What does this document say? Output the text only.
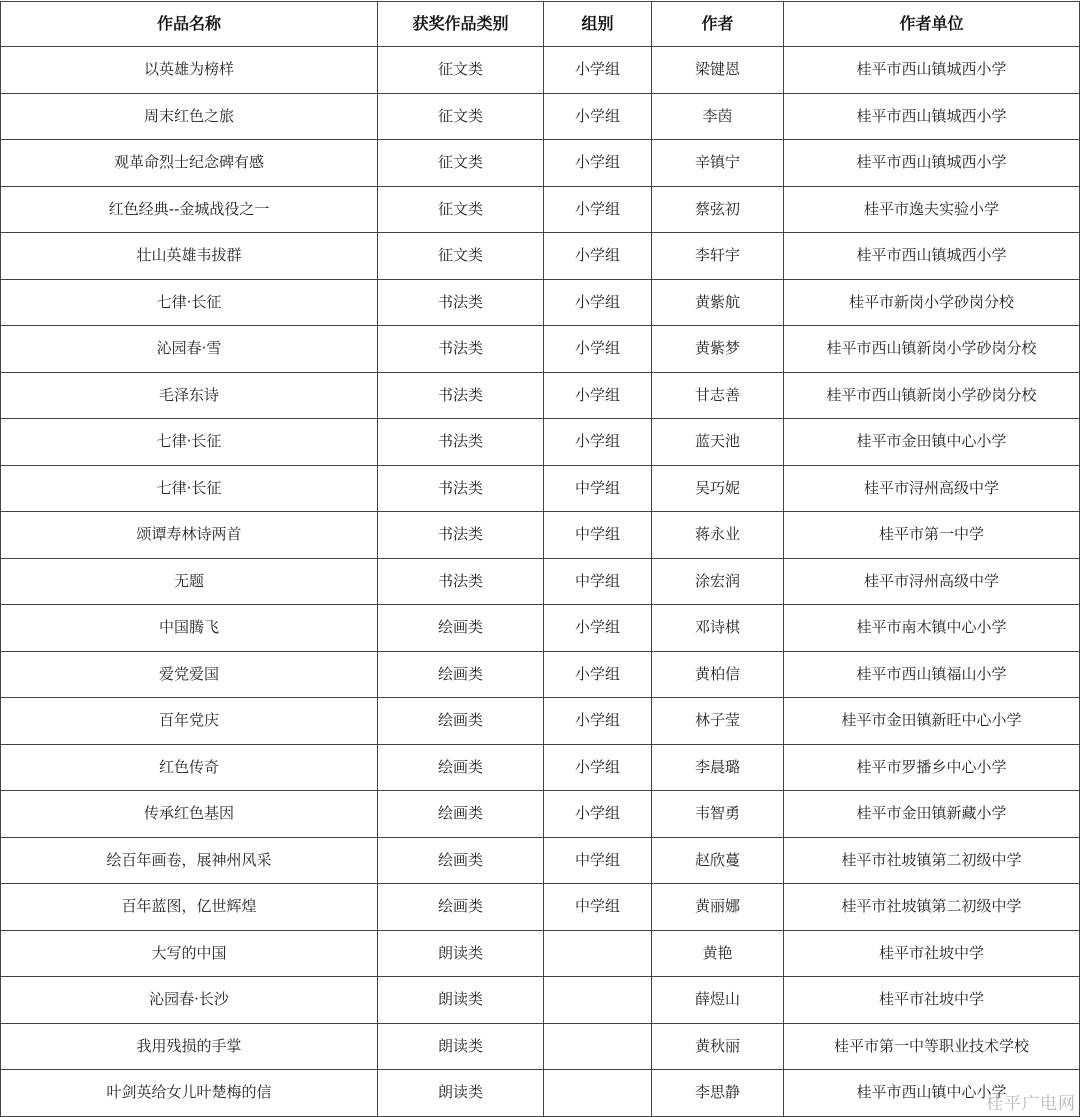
作品名称	获奖作品类别	组别	作者	作者单位
以英雄为榜样	征文类	小学组	梁键恩	桂平市西山镇城西小学
周末红色之旅	征文类	小学组	李茵	桂平市西山镇城西小学
观革命烈士纪念碑有感	征文类	小学组	辛镇宁	桂平市西山镇城西小学
红色经典--金城战役之一	征文类	小学组	蔡弦初	桂平市逸夫实验小学
壮山英雄韦拔群	征文类	小学组	李轩宇	桂平市西山镇城西小学
七律·长征	书法类	小学组	黄紫航	桂平市新岗小学砂岗分校
沁园春·雪	书法类	小学组	黄紫梦	桂平市西山镇新岗小学砂岗分校
毛泽东诗	书法类	小学组	甘志善	桂平市西山镇新岗小学砂岗分校
七律·长征	书法类	小学组	蓝天池	桂平市金田镇中心小学
七律·长征	书法类	中学组	吴巧妮	桂平市浔州高级中学
颂谭寿林诗两首	书法类	中学组	蒋永业	桂平市第一中学
无题	书法类	中学组	涂宏润	桂平市浔州高级中学
中国腾飞	绘画类	小学组	邓诗棋	桂平市南木镇中心小学
爱党爱国	绘画类	小学组	黄柏信	桂平市西山镇福山小学
百年党庆	绘画类	小学组	林子莹	桂平市金田镇新旺中心小学
红色传奇	绘画类	小学组	李晨璐	桂平市罗播乡中心小学
传承红色基因	绘画类	小学组	韦智勇	桂平市金田镇新藏小学
绘百年画卷，展神州风采	绘画类	中学组	赵欣蔓	桂平市社坡镇第二初级中学
百年蓝图，亿世辉煌	绘画类	中学组	黄丽娜	桂平市社坡镇第二初级中学
大写的中国	朗读类		黄艳	桂平市社坡中学
沁园春·长沙	朗读类		薛煜山	桂平市社坡中学
我用残损的手掌	朗读类		黄秋丽	桂平市第一中等职业技术学校
叶剑英给女儿叶楚梅的信	朗读类		李思静	桂平市西山镇中心小学
桂平广电网
